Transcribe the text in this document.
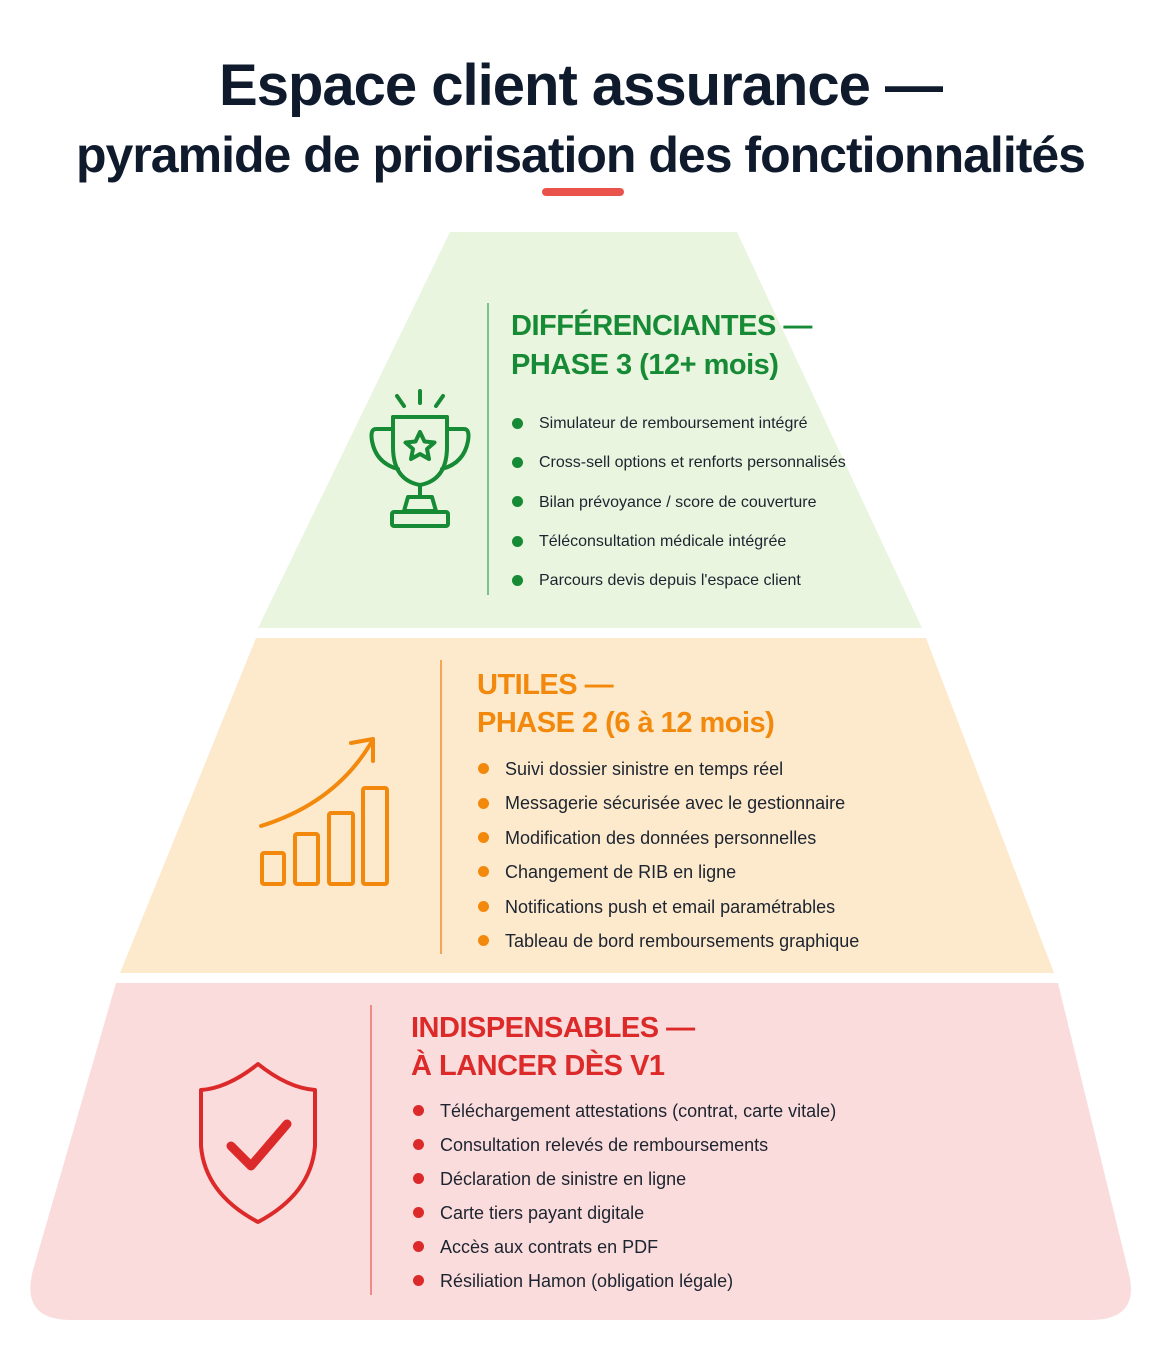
Espace client assurance —
pyramide de priorisation des fonctionnalités
DIFFÉRENCIANTES —
PHASE 3 (12+ mois)
Simulateur de remboursement intégré
Cross-sell options et renforts personnalisés
Bilan prévoyance / score de couverture
Téléconsultation médicale intégrée
Parcours devis depuis l'espace client
UTILES —
PHASE 2 (6 à 12 mois)
Suivi dossier sinistre en temps réel
Messagerie sécurisée avec le gestionnaire
Modification des données personnelles
Changement de RIB en ligne
Notifications push et email paramétrables
Tableau de bord remboursements graphique
INDISPENSABLES —
À LANCER DÈS V1
Téléchargement attestations (contrat, carte vitale)
Consultation relevés de remboursements
Déclaration de sinistre en ligne
Carte tiers payant digitale
Accès aux contrats en PDF
Résiliation Hamon (obligation légale)
